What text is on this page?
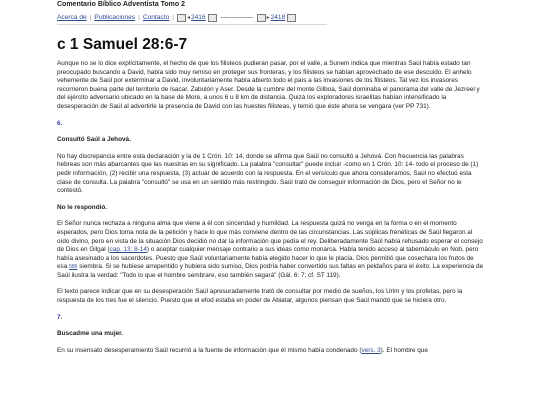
Comentario Bíblico Adventista Tomo 2
Acerca de | Publicaciones | Contacto | ◂ 2416 --------------- ▸ 2418
c 1 Samuel 28:6-7

Aunque no se lo dice explícitamente, el hecho de que los filisteos pudieran pasar, por el valle, a Sunem indica que mientras Saúl había estado tan preocupado buscando a David, había sido muy remiso en proteger sus fronteras, y los filisteos se habían aprovechado de ese descuido. El anhelo vehemente de Saúl por exterminar a David, involuntariamente había abierto todo el país a las invasiones de los filisteos. Tal vez los invasores recorrieron buena parte del territorio de Isacar, Zabulón y Aser. Desde la cumbre del monte Gilboa, Saúl dominaba el panorama del valle de Jezreel y del ejército adversario ubicado en la base de More, a unos 6 u 8 km de distancia. Quizá los exploradores israelitas habían intensificado la desesperación de Saúl al advertirle la presencia de David con las huestes filisteas, y temió que éste ahora se vengara (ver PP 731).

6.

Consultó Saúl a Jehová.

No hay discrepancia entre esta declaración y la de 1 Crón. 10: 14, donde se afirma que Saúl no consultó a Jehová. Con frecuencia las palabras hebreas son más abarcantes que las nuestras en su significado. La palabra "consultar" puede incluir -como en 1 Crón. 10: 14- todo el proceso de (1) pedir información, (2) recibir una respuesta, (3) actuar de acuerdo con la respuesta. En el versículo que ahora consideramos, Saúl no efectuó esta clase de consulta. La palabra "consultó" se usa en un sentido más restringido. Saúl trató de conseguir información de Dios, pero el Señor no le contestó.

No le respondió.

El Señor nunca rechaza a ninguna alma que viene a él con sinceridad y humildad. La respuesta quizá no venga en la forma o en el momento esperados, pero Dios toma nota de la petición y hace lo que más conviene dentro de las circunstancias. Las súplicas frenéticas de Saúl llegaron al oído divino, pero en vista de la situación Dios decidió no dar la información que pedía el rey. Deliberadamente Saúl había rehusado esperar el consejo de Dios en Gilgal (cap. 13: 8-14) o aceptar cualquier mensaje contrario a sus ideas como monarca. Había tenido acceso al tabernáculo en Nob, pero había asesinado a los sacerdotes. Puesto que Saúl voluntariamente había elegido hacer lo que le placía, Dios permitió que cosechara los frutos de esa 586 siembra. Si se hubiese arrepentido y hubiera sido sumiso, Dios podría haber convertido sus faltas en peldaños para el éxito. La experiencia de Saúl ilustra la verdad: "Todo lo que el hombre sembrare, eso también segará" (Gál. 6: 7; cf. ST 119).

El texto parece indicar que en su desesperación Saúl apresuradamente trató de consultar por medio de sueños, los Urim y los profetas, pero la respuesta de los tres fue el silencio. Puesto que el efod estaba en poder de Abiatar, algunos piensan que Saúl mandó que se hiciera otro.

7.

Buscadme una mujer.

En su insensato desesperamiento Saúl recurrió a la fuente de información que él mismo había condenado (vers. 3). El hombre que
